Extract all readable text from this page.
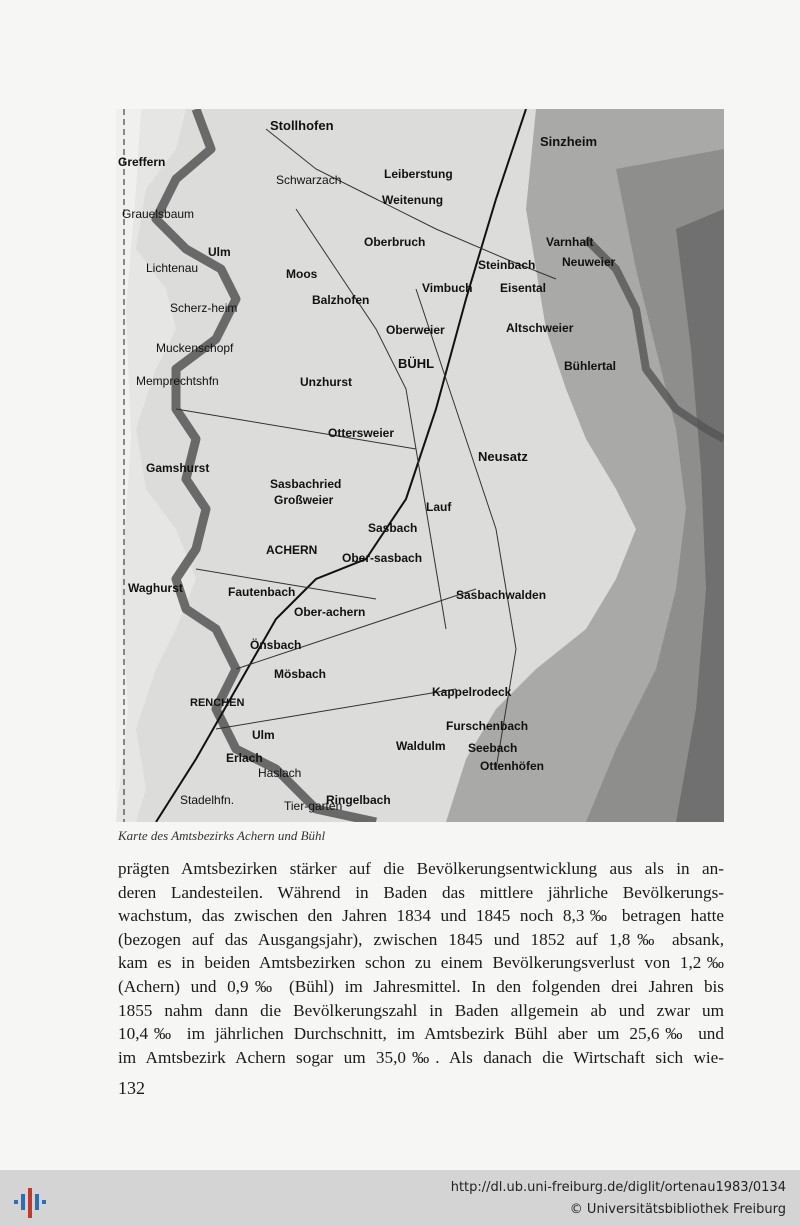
Stollhofen
Sinzheim
Greffern
Schwarzach	Leiberstung
Weitenung
Grauelsbaum
Oberbruch	Varnhalt
Ulm
Lichtenau	Steinbach Neuweier
Moos
Balzhofen
Vimbuch Eisental
Scherz-heim
Oberweier	Altschweier
Muckenschopf
BÜHL	Bühlertal
Memprechtshfn	Unzhurst
Ottersweier
Gamshurst
Neusatz
Sasbachried
Großweier	Lauf
Sasbach
ACHERN
Ober-sasbach
Waghurst	Fautenbach
Ober-achern
Sasbachwalden
Önsbach
Mösbach
Kappelrodeck
RENCHEN
Ulm
Furschenbach
Erlach
Haslach
Waldulm Seebach
Ottenhöfen
Stadelhfn.	Tier-garten
Ringelbach
Karte des Amtsbezirks Achern und Bühl
prägten Amtsbezirken stärker auf die Bevölkerungsentwicklung aus als in an-
deren Landesteilen. Während in Baden das mittlere jährliche Bevölkerungs-
wachstum, das zwischen den Jahren 1834 und 1845 noch 8,3‰ betragen hatte
(bezogen auf das Ausgangsjahr), zwischen 1845 und 1852 auf 1,8‰ absank,
kam es in beiden Amtsbezirken schon zu einem Bevölkerungsverlust von 1,2‰
(Achern) und 0,9‰ (Bühl) im Jahresmittel. In den folgenden drei Jahren bis
1855 nahm dann die Bevölkerungszahl in Baden allgemein ab und zwar um
10,4‰ im jährlichen Durchschnitt, im Amtsbezirk Bühl aber um 25,6‰ und
im Amtsbezirk Achern sogar um 35,0‰. Als danach die Wirtschaft sich wie-
132
http://dl.ub.uni-freiburg.de/diglit/ortenau1983/0134
© Universitätsbibliothek Freiburg
